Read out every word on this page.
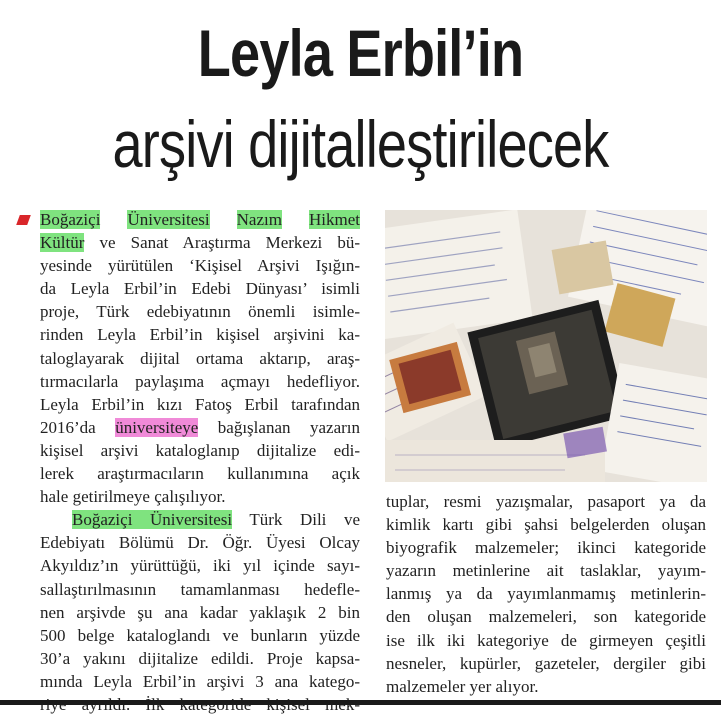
Leyla Erbil’in
arşivi dijitalleştirilecek
Boğaziçi Üniversitesi Nazım Hikmet
Kültür ve Sanat Araştırma Merkezi bü-
yesinde yürütülen ‘Kişisel Arşivi Işığın-
da Leyla Erbil’in Edebi Dünyası’ isimli
proje, Türk edebiyatının önemli isimle-
rinden Leyla Erbil’in kişisel arşivini ka-
taloglayarak dijital ortama aktarıp, araş-
tırmacılarla paylaşıma açmayı hedefliyor.
Leyla Erbil’in kızı Fatoş Erbil tarafından
2016’da üniversiteye bağışlanan yazarın
kişisel arşivi kataloglanıp dijitalize edi-
lerek araştırmacıların kullanımına açık
hale getirilmeye çalışılıyor.
Boğaziçi Üniversitesi Türk Dili ve
Edebiyatı Bölümü Dr. Öğr. Üyesi Olcay
Akyıldız’ın yürüttüğü, iki yıl içinde sayı-
sallaştırılmasının tamamlanması hedefle-
nen arşivde şu ana kadar yaklaşık 2 bin
500 belge kataloglandı ve bunların yüzde
30’a yakını dijitalize edildi. Proje kapsa-
mında Leyla Erbil’in arşivi 3 ana katego-
tuplar, resmi yazışmalar, pasaport ya da
kimlik kartı gibi şahsi belgelerden oluşan
biyografik malzemeler; ikinci kategoride
yazarın metinlerine ait taslaklar, yayım-
lanmış ya da yayımlanmamış metinlerin-
den oluşan malzemeleri, son kategoride
ise ilk iki kategoriye de girmeyen çeşitli
nesneler, kupürler, gazeteler, dergiler gibi
malzemeler yer alıyor.
